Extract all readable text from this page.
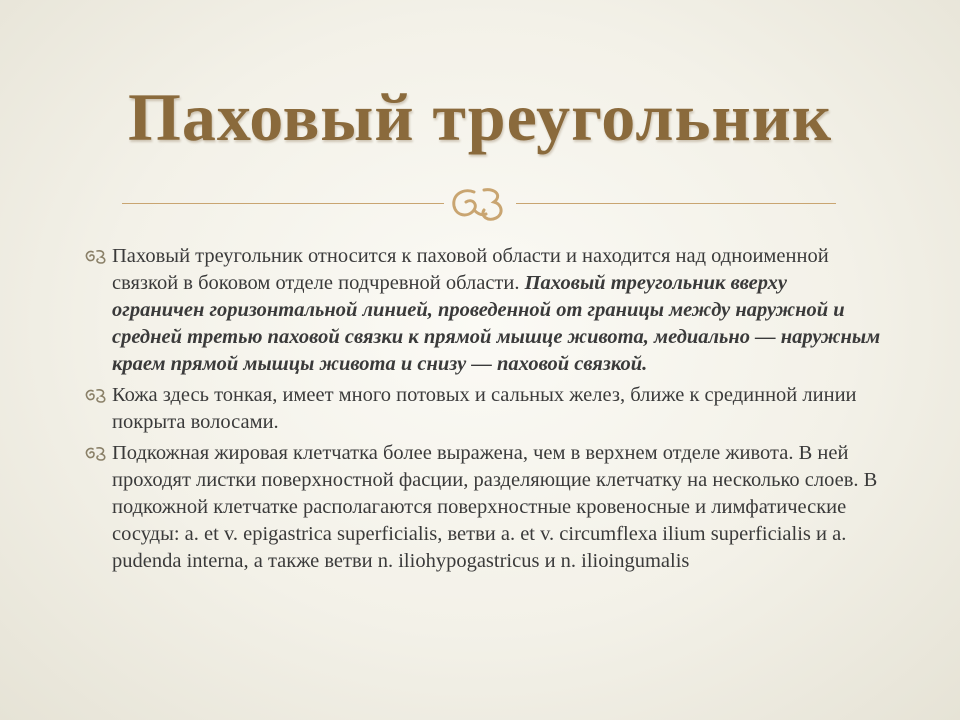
Паховый треугольник
Паховый треугольник относится к паховой области и находится над одноименной связкой в боковом отделе подчревной области. Паховый треугольник вверху ограничен горизонтальной линией, проведенной от границы между наружной и средней третью паховой связки к прямой мышце живота, медиально — наружным краем прямой мышцы живота и снизу — паховой связкой.
Кожа здесь тонкая, имеет много потовых и сальных желез, ближе к срединной линии покрыта волосами.
Подкожная жировая клетчатка более выражена, чем в верхнем отделе живота. В ней проходят листки поверхностной фасции, разделяющие клетчатку на несколько слоев. В подкожной клетчатке располагаются поверхностные кровеносные и лимфатические сосуды: a. et v. epigastrica superficialis, ветви a. et v. circumflexa ilium superficialis и a. pudenda interna, а также ветви n. iliohypogastricus и n. ilioingumalis
